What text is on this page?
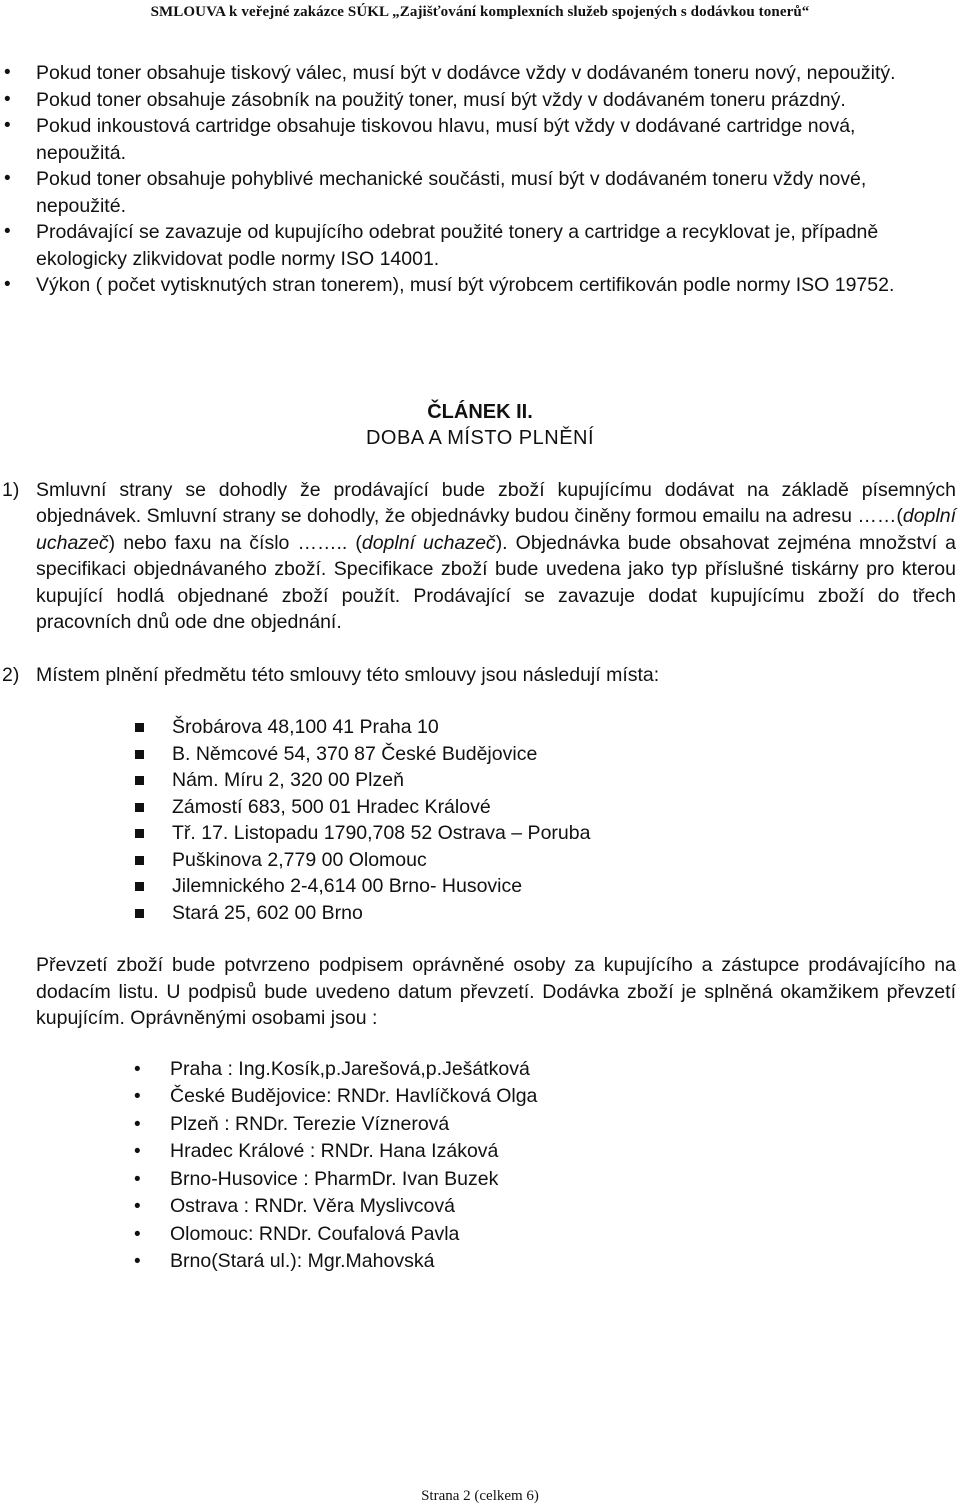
SMLOUVA k veřejné zakázce SÚKL „Zajišťování komplexních služeb spojených s dodávkou tonerů“
• Pokud toner obsahuje tiskový válec, musí být v dodávce vždy v dodávaném toneru nový, nepoužitý.
• Pokud toner obsahuje zásobník na použitý toner, musí být vždy v dodávaném toneru prázdný.
• Pokud inkoustová cartridge obsahuje tiskovou hlavu, musí být vždy v dodávané cartridge nová, nepoužitá.
• Pokud toner obsahuje pohyblivé mechanické součásti, musí být v dodávaném toneru vždy nové, nepoužité.
• Prodávající se zavazuje od kupujícího odebrat použité tonery a cartridge a recyklovat je, případně ekologicky zlikvidovat podle normy ISO 14001.
• Výkon ( počet vytisknutých stran tonerem), musí být výrobcem certifikován podle normy ISO 19752.
ČLÁNEK II.
DOBA A MÍSTO PLNĚNÍ
1) Smluvní strany se dohodly že prodávající bude zboží kupujícímu dodávat na základě písemných objednávek. Smluvní strany se dohodly, že objednávky budou činěny formou emailu na adresu ……(doplní uchazeč) nebo faxu na číslo …….. (doplní uchazeč). Objednávka bude obsahovat zejména množství a specifikaci objednávaného zboží. Specifikace zboží bude uvedena jako typ příslušné tiskárny pro kterou kupující hodlá objednané zboží použít. Prodávající se zavazuje dodat kupujícímu zboží do třech pracovních dnů ode dne objednání.
2) Místem plnění předmětu této smlouvy této smlouvy jsou následují místa:
Šrobárova 48,100 41 Praha 10
B. Němcové 54, 370 87 České Budějovice
Nám. Míru 2, 320 00 Plzeň
Zámostí 683, 500 01 Hradec Králové
Tř. 17. Listopadu 1790,708 52 Ostrava – Poruba
Puškinova 2,779 00 Olomouc
Jilemnického 2-4,614 00 Brno- Husovice
Stará 25, 602 00 Brno
Převzetí zboží bude potvrzeno podpisem oprávněné osoby za kupujícího a zástupce prodávajícího na dodacím listu. U podpisů bude uvedeno datum převzetí. Dodávka zboží je splněná okamžikem převzetí kupujícím. Oprávněnými osobami jsou :
• Praha : Ing.Kosík,p.Jarešová,p.Ješátková
• České Budějovice: RNDr. Havlíčková Olga
• Plzeň : RNDr. Terezie Víznerová
• Hradec Králové : RNDr. Hana Izáková
• Brno-Husovice : PharmDr. Ivan Buzek
• Ostrava : RNDr. Věra Myslivcová
• Olomouc: RNDr. Coufalová Pavla
• Brno(Stará ul.): Mgr.Mahovská
Strana 2 (celkem 6)
